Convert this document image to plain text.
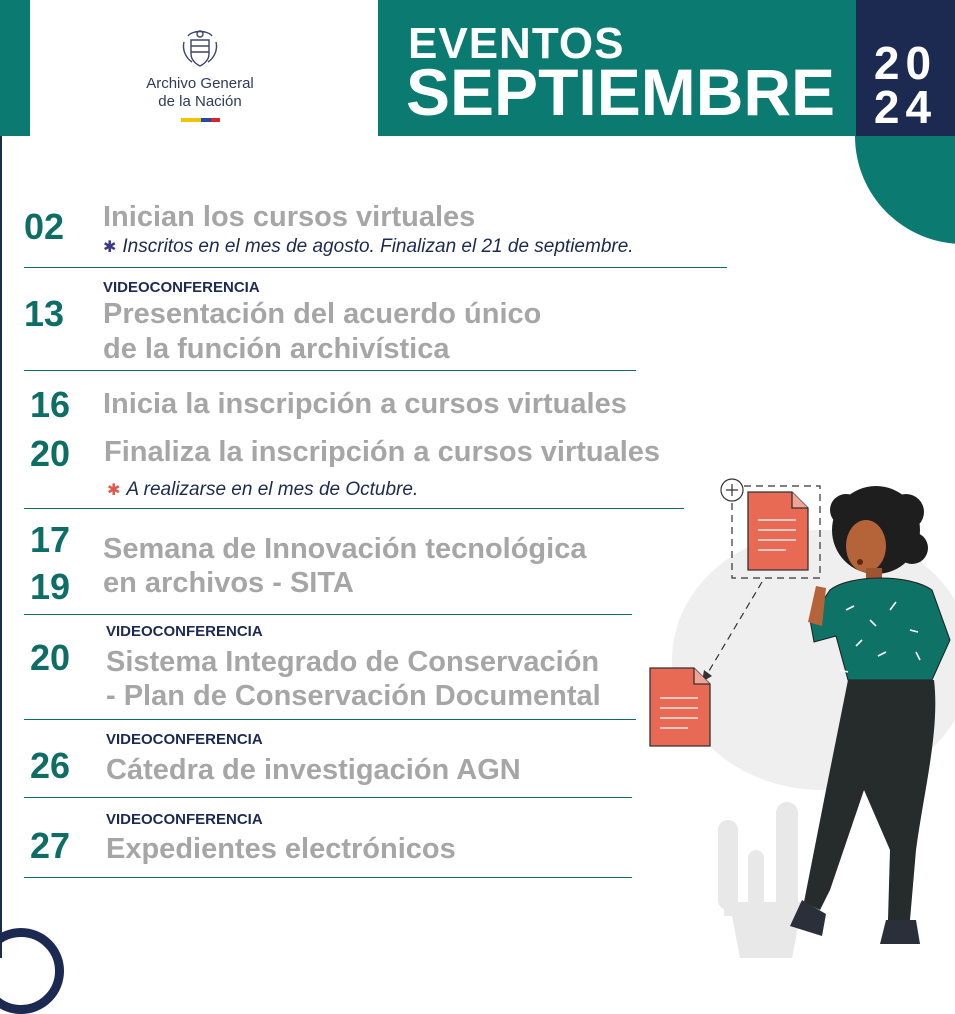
Archivo General
de la Nación
EVENTOS
SEPTIEMBRE 20
24
02 Inician los cursos virtuales
✱ Inscritos en el mes de agosto. Finalizan el 21 de septiembre.
VIDEOCONFERENCIA
13 Presentación del acuerdo único
de la función archivística
16 Inicia la inscripción a cursos virtuales
20 Finaliza la inscripción a cursos virtuales
✱ A realizarse en el mes de Octubre.
17
19
Semana de Innovación tecnológica
en archivos - SITA
VIDEOCONFERENCIA
20 Sistema Integrado de Conservación
- Plan de Conservación Documental
VIDEOCONFERENCIA
26 Cátedra de investigación AGN
VIDEOCONFERENCIA
27 Expedientes electrónicos
